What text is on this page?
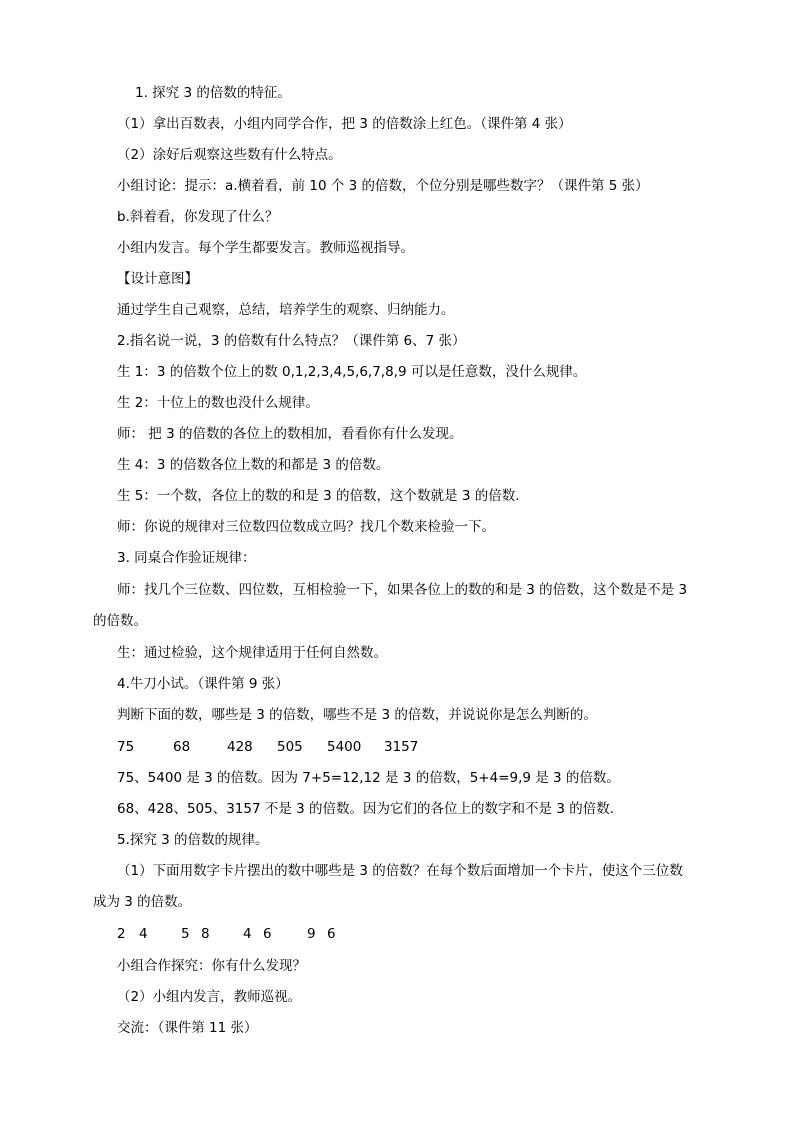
1. 探究 3 的倍数的特征。
（1）拿出百数表，小组内同学合作，把 3 的倍数涂上红色。（课件第 4 张）
（2）涂好后观察这些数有什么特点。
小组讨论：提示：a.横着看，前 10 个 3 的倍数，个位分别是哪些数字？（课件第 5 张）
b.斜着看，你发现了什么？
小组内发言。每个学生都要发言。教师巡视指导。
【设计意图】
通过学生自己观察，总结，培养学生的观察、归纳能力。
2.指名说一说，3 的倍数有什么特点？（课件第 6、7 张）
生 1：3 的倍数个位上的数 0,1,2,3,4,5,6,7,8,9 可以是任意数，没什么规律。
生 2：十位上的数也没什么规律。
师： 把 3 的倍数的各位上的数相加，看看你有什么发现。
生 4：3 的倍数各位上数的和都是 3 的倍数。
生 5：一个数，各位上的数的和是 3 的倍数，这个数就是 3 的倍数.
师：你说的规律对三位数四位数成立吗？找几个数来检验一下。
3. 同桌合作验证规律：
师：找几个三位数、四位数，互相检验一下，如果各位上的数的和是 3 的倍数，这个数是不是 3
的倍数。
生：通过检验，这个规律适用于任何自然数。
4.牛刀小试。（课件第 9 张）
判断下面的数，哪些是 3 的倍数，哪些不是 3 的倍数，并说说你是怎么判断的。
75	68	428 505 5400 3157
75、5400 是 3 的倍数。因为 7+5=12,12 是 3 的倍数，5+4=9,9 是 3 的倍数。
68、428、505、3157 不是 3 的倍数。因为它们的各位上的数字和不是 3 的倍数.
5.探究 3 的倍数的规律。
（1）下面用数字卡片摆出的数中哪些是 3 的倍数？在每个数后面增加一个卡片，使这个三位数
成为 3 的倍数。
2 4 5 8 4 6	9 6
小组合作探究：你有什么发现？
（2）小组内发言，教师巡视。
交流：（课件第 11 张）
